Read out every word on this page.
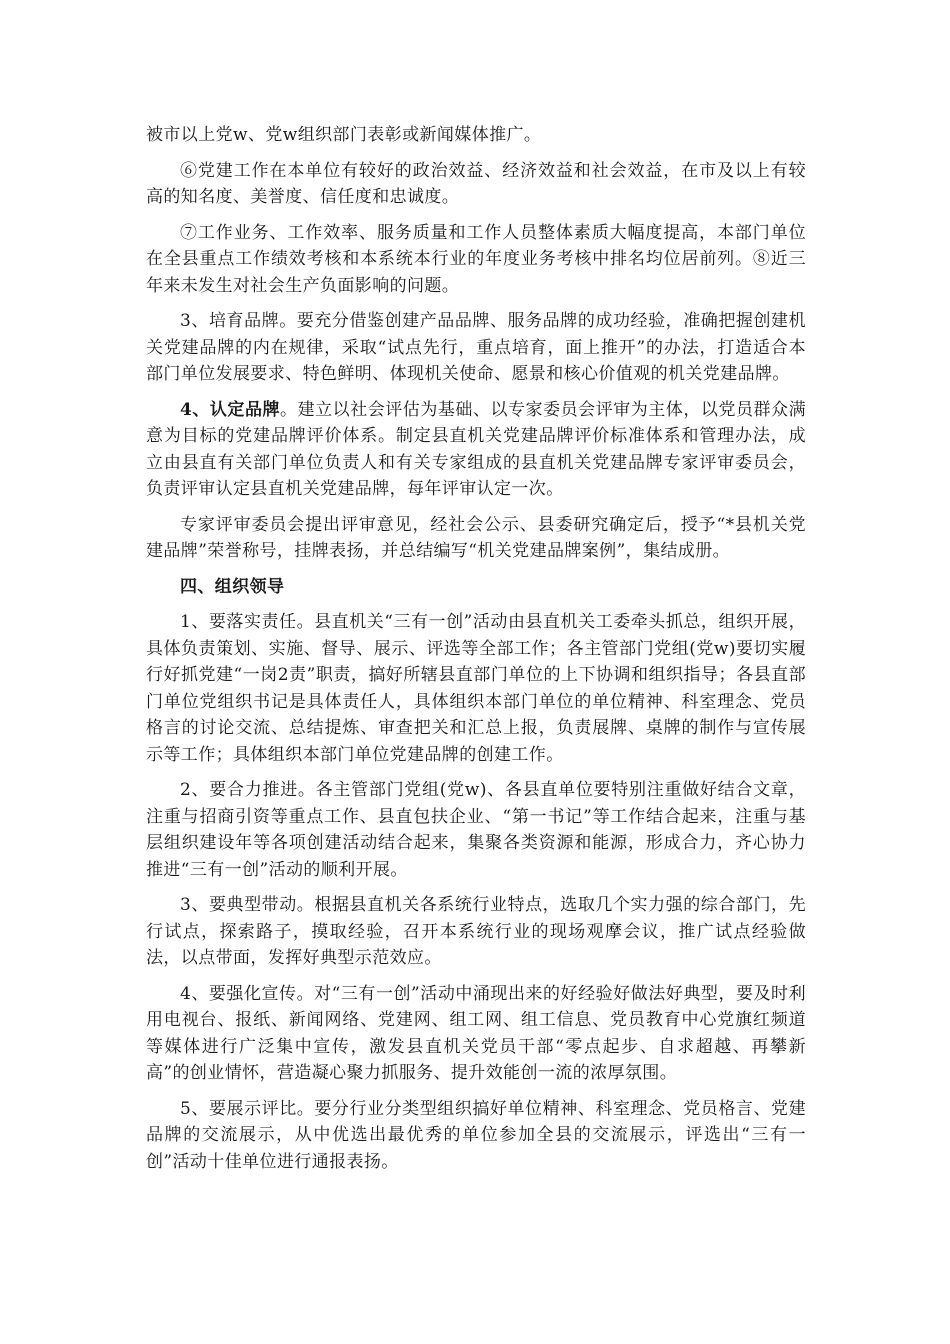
被市以上党w、党w组织部门表彰或新闻媒体推广。

⑥党建工作在本单位有较好的政治效益、经济效益和社会效益，在市及以上有较高的知名度、美誉度、信任度和忠诚度。

⑦工作业务、工作效率、服务质量和工作人员整体素质大幅度提高，本部门单位在全县重点工作绩效考核和本系统本行业的年度业务考核中排名均位居前列。⑧近三年来未发生对社会生产负面影响的问题。

3、培育品牌。要充分借鉴创建产品品牌、服务品牌的成功经验，准确把握创建机关党建品牌的内在规律，采取“试点先行，重点培育，面上推开”的办法，打造适合本部门单位发展要求、特色鲜明、体现机关使命、愿景和核心价值观的机关党建品牌。

4、认定品牌。建立以社会评估为基础、以专家委员会评审为主体，以党员群众满意为目标的党建品牌评价体系。制定县直机关党建品牌评价标准体系和管理办法，成立由县直有关部门单位负责人和有关专家组成的县直机关党建品牌专家评审委员会，负责评审认定县直机关党建品牌，每年评审认定一次。

专家评审委员会提出评审意见，经社会公示、县委研究确定后，授予“*县机关党建品牌”荣誉称号，挂牌表扬，并总结编写“机关党建品牌案例”，集结成册。

四、组织领导

1、要落实责任。县直机关“三有一创”活动由县直机关工委牵头抓总，组织开展，具体负责策划、实施、督导、展示、评选等全部工作；各主管部门党组(党w)要切实履行好抓党建“一岗2责”职责，搞好所辖县直部门单位的上下协调和组织指导；各县直部门单位党组织书记是具体责任人，具体组织本部门单位的单位精神、科室理念、党员格言的讨论交流、总结提炼、审查把关和汇总上报，负责展牌、桌牌的制作与宣传展示等工作；具体组织本部门单位党建品牌的创建工作。

2、要合力推进。各主管部门党组(党w)、各县直单位要特别注重做好结合文章，注重与招商引资等重点工作、县直包扶企业、“第一书记”等工作结合起来，注重与基层组织建设年等各项创建活动结合起来，集聚各类资源和能源，形成合力，齐心协力推进“三有一创”活动的顺利开展。

3、要典型带动。根据县直机关各系统行业特点，选取几个实力强的综合部门，先行试点，探索路子，摸取经验，召开本系统行业的现场观摩会议，推广试点经验做法，以点带面，发挥好典型示范效应。

4、要强化宣传。对“三有一创”活动中涌现出来的好经验好做法好典型，要及时利用电视台、报纸、新闻网络、党建网、组工网、组工信息、党员教育中心党旗红频道等媒体进行广泛集中宣传，激发县直机关党员干部“零点起步、自求超越、再攀新高”的创业情怀，营造凝心聚力抓服务、提升效能创一流的浓厚氛围。

5、要展示评比。要分行业分类型组织搞好单位精神、科室理念、党员格言、党建品牌的交流展示，从中优选出最优秀的单位参加全县的交流展示，评选出“三有一创”活动十佳单位进行通报表扬。
